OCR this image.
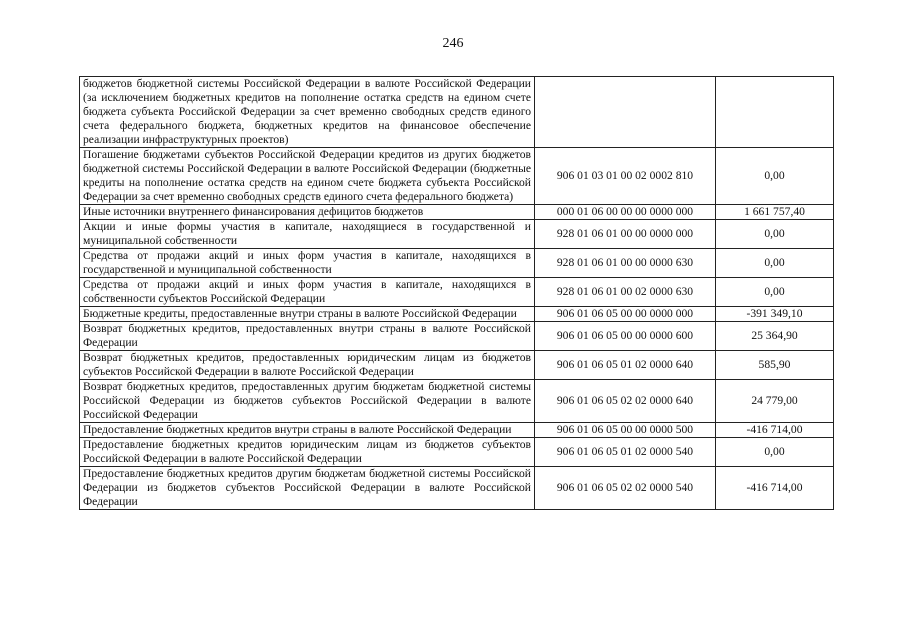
246
бюджетов бюджетной системы Российской Федерации в валюте Российской Федерации (за исключением бюджетных кредитов на пополнение остатка средств на едином счете бюджета субъекта Российской Федерации за счет временно свободных средств единого счета федерального бюджета, бюджетных кредитов на финансовое обеспечение реализации инфраструктурных проектов)		
Погашение бюджетами субъектов Российской Федерации кредитов из других бюджетов бюджетной системы Российской Федерации в валюте Российской Федерации (бюджетные кредиты на пополнение остатка средств на едином счете бюджета субъекта Российской Федерации за счет временно свободных средств единого счета федерального бюджета)	906 01 03 01 00 02 0002 810	0,00
Иные источники внутреннего финансирования дефицитов бюджетов	000 01 06 00 00 00 0000 000	1 661 757,40
Акции и иные формы участия в капитале, находящиеся в государственной и муниципальной собственности	928 01 06 01 00 00 0000 000	0,00
Средства от продажи акций и иных форм участия в капитале, находящихся в государственной и муниципальной собственности	928 01 06 01 00 00 0000 630	0,00
Средства от продажи акций и иных форм участия в капитале, находящихся в собственности субъектов Российской Федерации	928 01 06 01 00 02 0000 630	0,00
Бюджетные кредиты, предоставленные внутри страны в валюте Российской Федерации	906 01 06 05 00 00 0000 000	-391 349,10
Возврат бюджетных кредитов, предоставленных внутри страны в валюте Российской Федерации	906 01 06 05 00 00 0000 600	25 364,90
Возврат бюджетных кредитов, предоставленных юридическим лицам из бюджетов субъектов Российской Федерации в валюте Российской Федерации	906 01 06 05 01 02 0000 640	585,90
Возврат бюджетных кредитов, предоставленных другим бюджетам бюджетной системы Российской Федерации из бюджетов субъектов Российской Федерации в валюте Российской Федерации	906 01 06 05 02 02 0000 640	24 779,00
Предоставление бюджетных кредитов внутри страны в валюте Российской Федерации	906 01 06 05 00 00 0000 500	-416 714,00
Предоставление бюджетных кредитов юридическим лицам из бюджетов субъектов Российской Федерации в валюте Российской Федерации	906 01 06 05 01 02 0000 540	0,00
Предоставление бюджетных кредитов другим бюджетам бюджетной системы Российской Федерации из бюджетов субъектов Российской Федерации в валюте Российской Федерации	906 01 06 05 02 02 0000 540	-416 714,00
